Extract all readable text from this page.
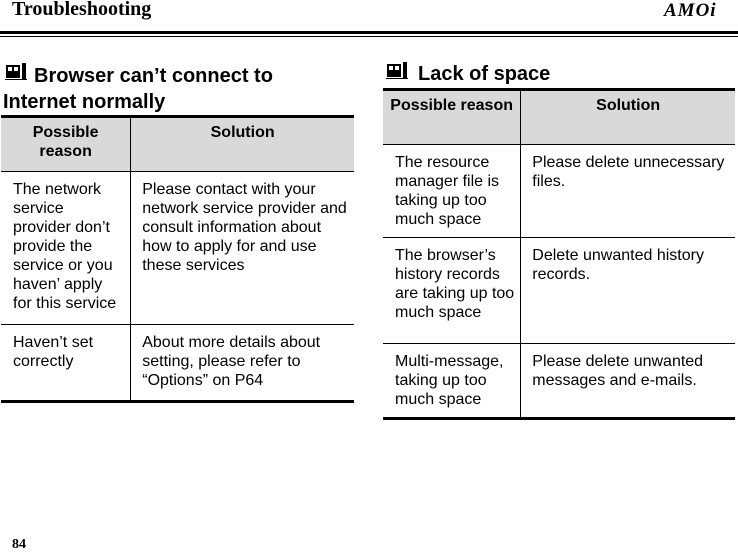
Troubleshooting	AMOi
Browser can’t connect to
Internet normally
Possible reason	Solution
The network service provider don’t provide the service or you haven’ apply for this service	Please contact with your network service provider and consult information about how to apply for and use these services
Haven’t set correctly	About more details about setting, please refer to “Options” on P64
Lack of space
Possible reason	Solution
The resource manager file is taking up too much space	Please delete unnecessary files.
The browser’s history records are taking up too much space	Delete unwanted history records.
Multi-message, taking up too much space	Please delete unwanted messages and e-mails.
84
